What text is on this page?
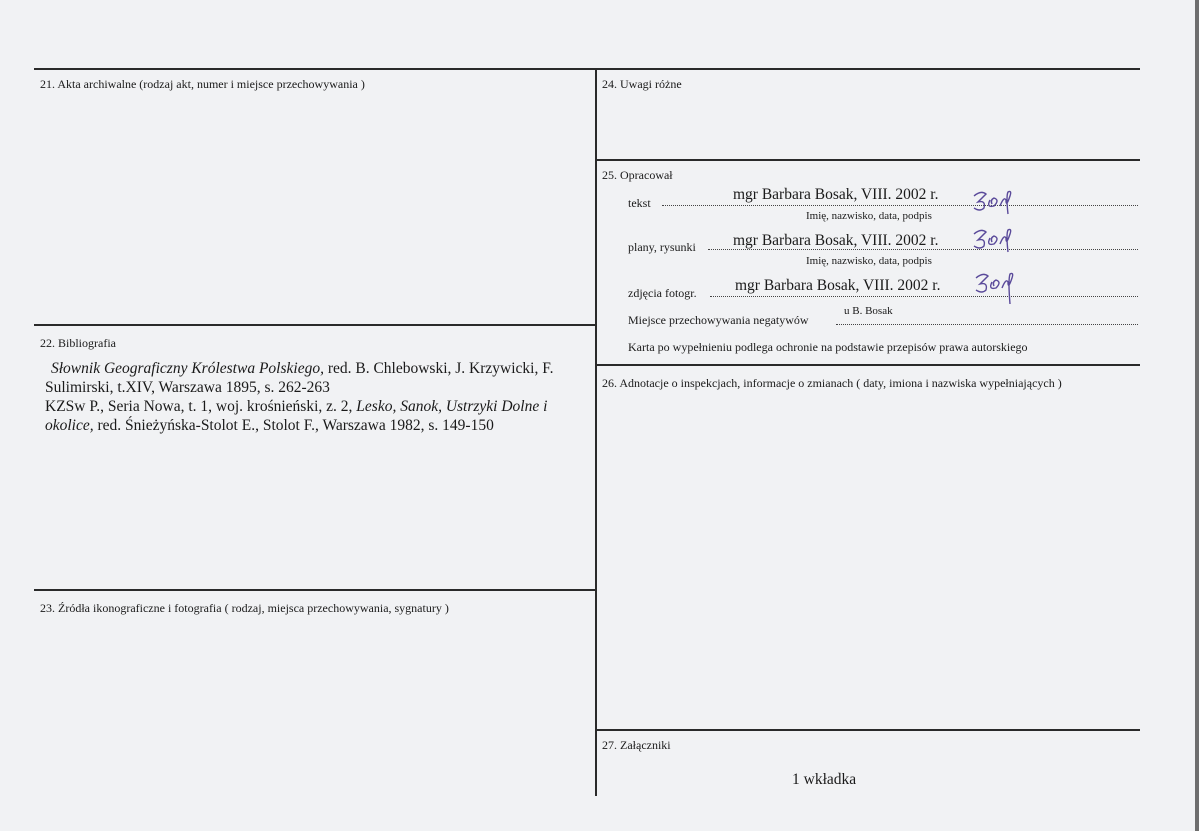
21. Akta archiwalne (rodzaj akt, numer i miejsce przechowywania )
22. Bibliografia

Słownik Geograficzny Królestwa Polskiego, red. B. Chlebowski, J. Krzywicki, F. Sulimirski, t.XIV, Warszawa 1895, s. 262-263

KZSw P., Seria Nowa, t. 1, woj. krośnieński, z. 2, Lesko, Sanok, Ustrzyki Dolne i okolice, red. Śnieżyńska-Stolot E., Stolot F., Warszawa 1982, s. 149-150

23. Źródła ikonograficzne i fotografia ( rodzaj, miejsca przechowywania, sygnatury )
24. Uwagi różne
25. Opracował
tekst	mgr Barbara Bosak, VIII. 2002 r.
Imię, nazwisko, data, podpis
plany, rysunki mgr Barbara Bosak, VIII. 2002 r.
Imię, nazwisko, data, podpis
zdjęcia fotogr. mgr Barbara Bosak, VIII. 2002 r.
Miejsce przechowywania negatywów
u B. Bosak
Karta po wypełnieniu podlega ochronie na podstawie przepisów prawa autorskiego
26. Adnotacje o inspekcjach, informacje o zmianach ( daty, imiona i nazwiska wypełniających )
27. Załączniki
1 wkładka
